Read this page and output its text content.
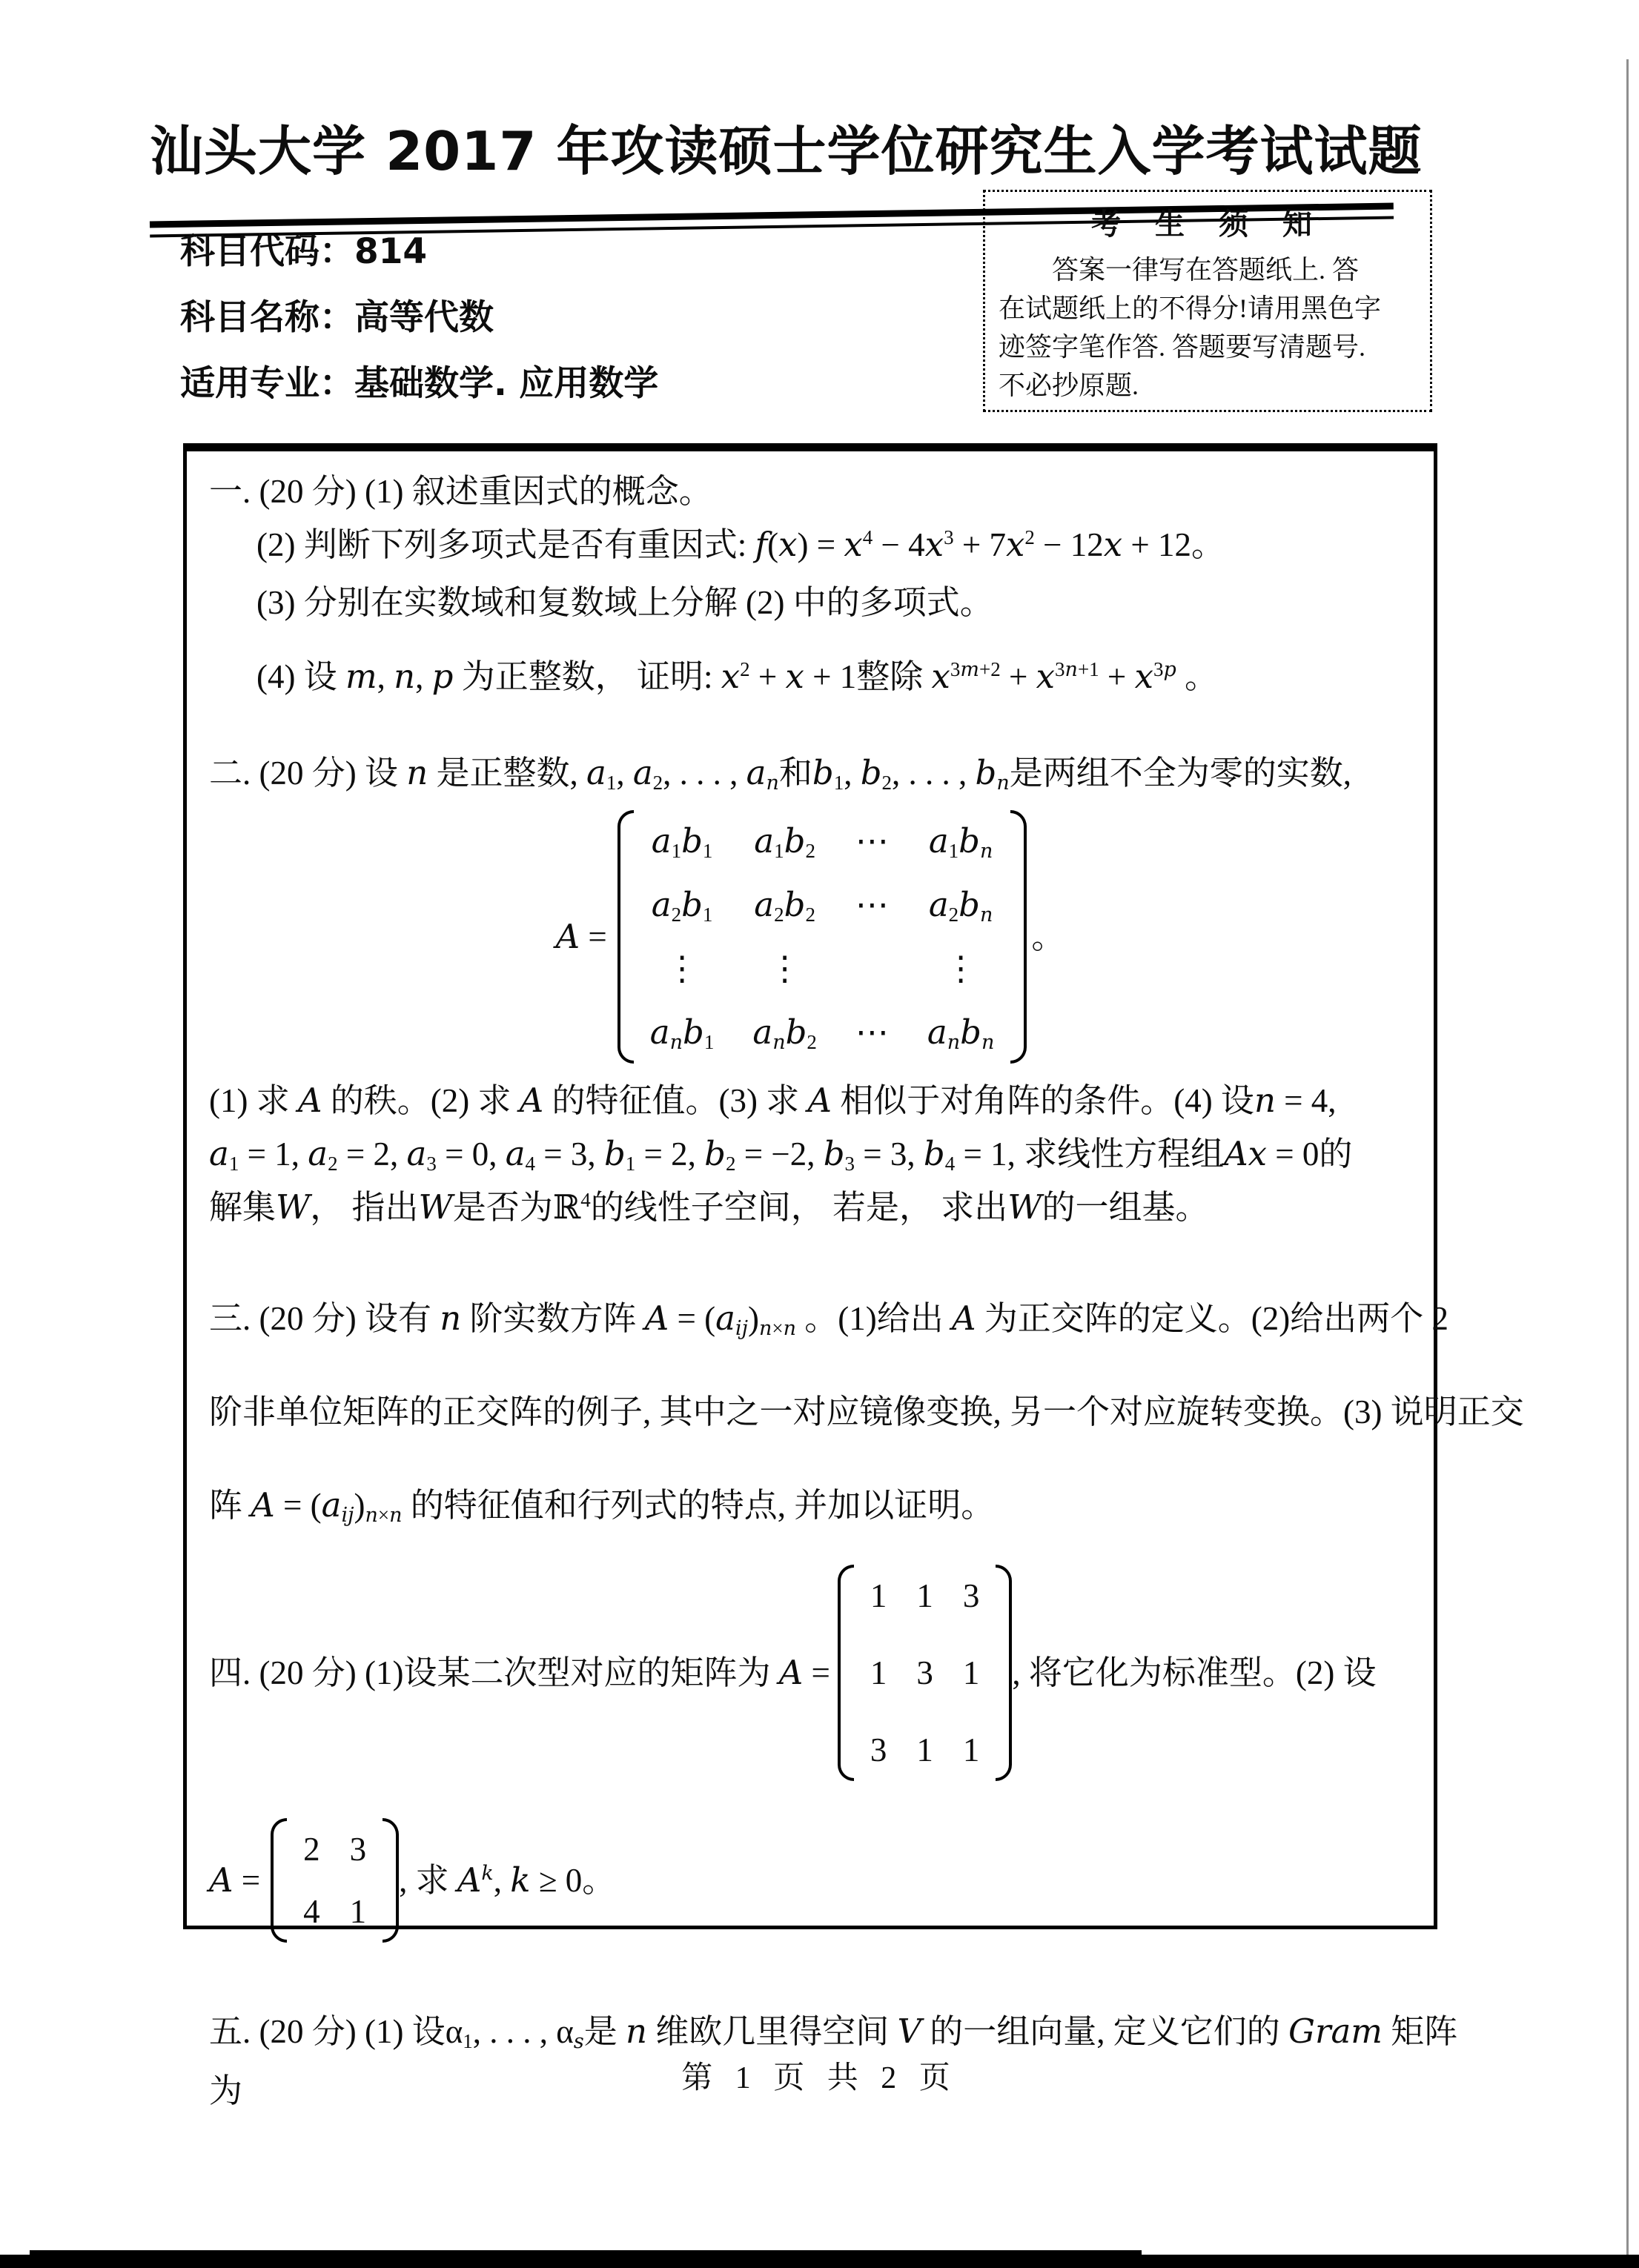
汕头大学 2017 年攻读硕士学位研究生入学考试试题
科目代码：814
科目名称：高等代数
适用专业：基础数学. 应用数学
考 生 须 知
答案一律写在答题纸上. 答
在试题纸上的不得分!请用黑色字
迹签字笔作答. 答题要写清题号.
不必抄原题.
一. (20 分) (1) 叙述重因式的概念。
(2) 判断下列多项式是否有重因式: $f(x) = x^4 - 4x^3 + 7x^2 - 12x + 12$。
(3) 分别在实数域和复数域上分解 (2) 中的多项式。
(4) 设 m, n, p 为正整数， 证明: $x^2 + x + 1$整除 $x^{3m+2} + x^{3n+1} + x^{3p}$ 。
二. (20 分) 设 n 是正整数, $a_1$, $a_2$, . . . , $a_n$和$b_1$, $b_2$, . . . , $b_n$是两组不全为零的实数,
A =
$a_1b_1$ $a_1b_2$ ⋯ $a_1b_n$
$a_2b_1$ $a_2b_2$ ⋯ $a_2b_n$
⋮ ⋮	⋮
$a_nb_1$ $a_nb_2$ ⋯ $a_nb_n$
。
(1) 求 A 的秩。(2) 求 A 的特征值。(3) 求 A 相似于对角阵的条件。(4) 设n = 4,
$a_1 = 1$, $a_2 = 2$, $a_3 = 0$, $a_4 = 3$, $b_1 = 2$, $b_2 = -2$, $b_3 = 3$, $b_4 = 1$, 求线性方程组Ax = 0的
解集W， 指出W是否为ℝ$^4$的线性子空间， 若是， 求出W的一组基。
三. (20 分) 设有 n 阶实数方阵 $A = (a_{ij})_{n\times n}$ 。(1)给出 A 为正交阵的定义。(2)给出两个 2
阶非单位矩阵的正交阵的例子, 其中之一对应镜像变换, 另一个对应旋转变换。(3) 说明正交
阵 $A = (a_{ij})_{n\times n}$ 的特征值和行列式的特点, 并加以证明。
四. (20 分) (1)设某二次型对应的矩阵为 A =
1 1 3
1 3 1
3 1 1
, 将它化为标准型。(2) 设
A =
2 3
4 1
, 求 $A^k$, k ≥ 0。
五. (20 分) (1) 设$\alpha_1$, . . . , $\alpha_s$是 n 维欧几里得空间 V 的一组向量, 定义它们的 Gram 矩阵
为	第 1 页 共 2 页
